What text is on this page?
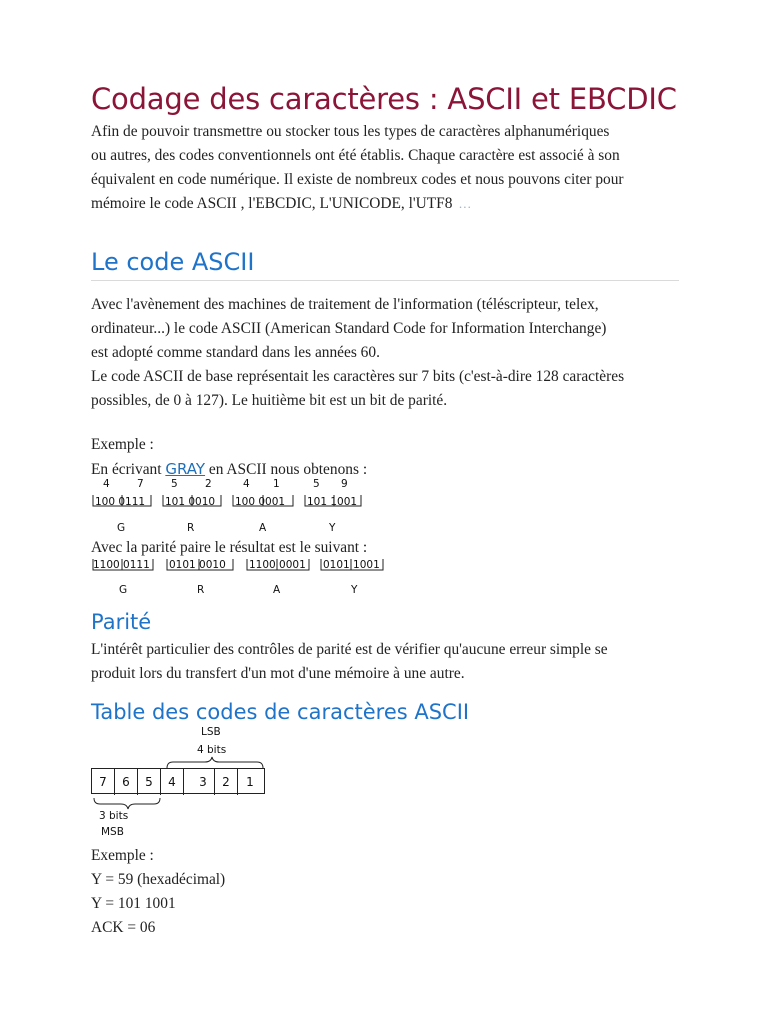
Codage des caractères : ASCII et EBCDIC
Afin de pouvoir transmettre ou stocker tous les types de caractères alphanumériques
ou autres, des codes conventionnels ont été établis. Chaque caractère est associé à son
équivalent en code numérique. Il existe de nombreux codes et nous pouvons citer pour
mémoire le code ASCII , l'EBCDIC, L'UNICODE, l'UTF8 …
Le code ASCII
Avec l'avènement des machines de traitement de l'information (téléscripteur, telex,
ordinateur...) le code ASCII (American Standard Code for Information Interchange)
est adopté comme standard dans les années 60.
Le code ASCII de base représentait les caractères sur 7 bits (c'est-à-dire 128 caractères
possibles, de 0 à 127). Le huitième bit est un bit de parité.
Exemple :
En écrivant GRAY en ASCII nous obtenons :
4	7	5	2	4 1	5 9
100 0111 101 0010 100 0001 101 1001
G	R	A	Y
Avec la parité paire le résultat est le suivant :
1100 0111 0101 0010 1100 0001 0101 1001
G	R	A	Y
Parité
L'intérêt particulier des contrôles de parité est de vérifier qu'aucune erreur simple se
produit lors du transfert d'un mot d'une mémoire à une autre.
Table des codes de caractères ASCII
LSB
4 bits
7	6	5	4	3	2	1
3 bits
MSB
Exemple :
Y = 59 (hexadécimal)
Y = 101 1001
ACK = 06
